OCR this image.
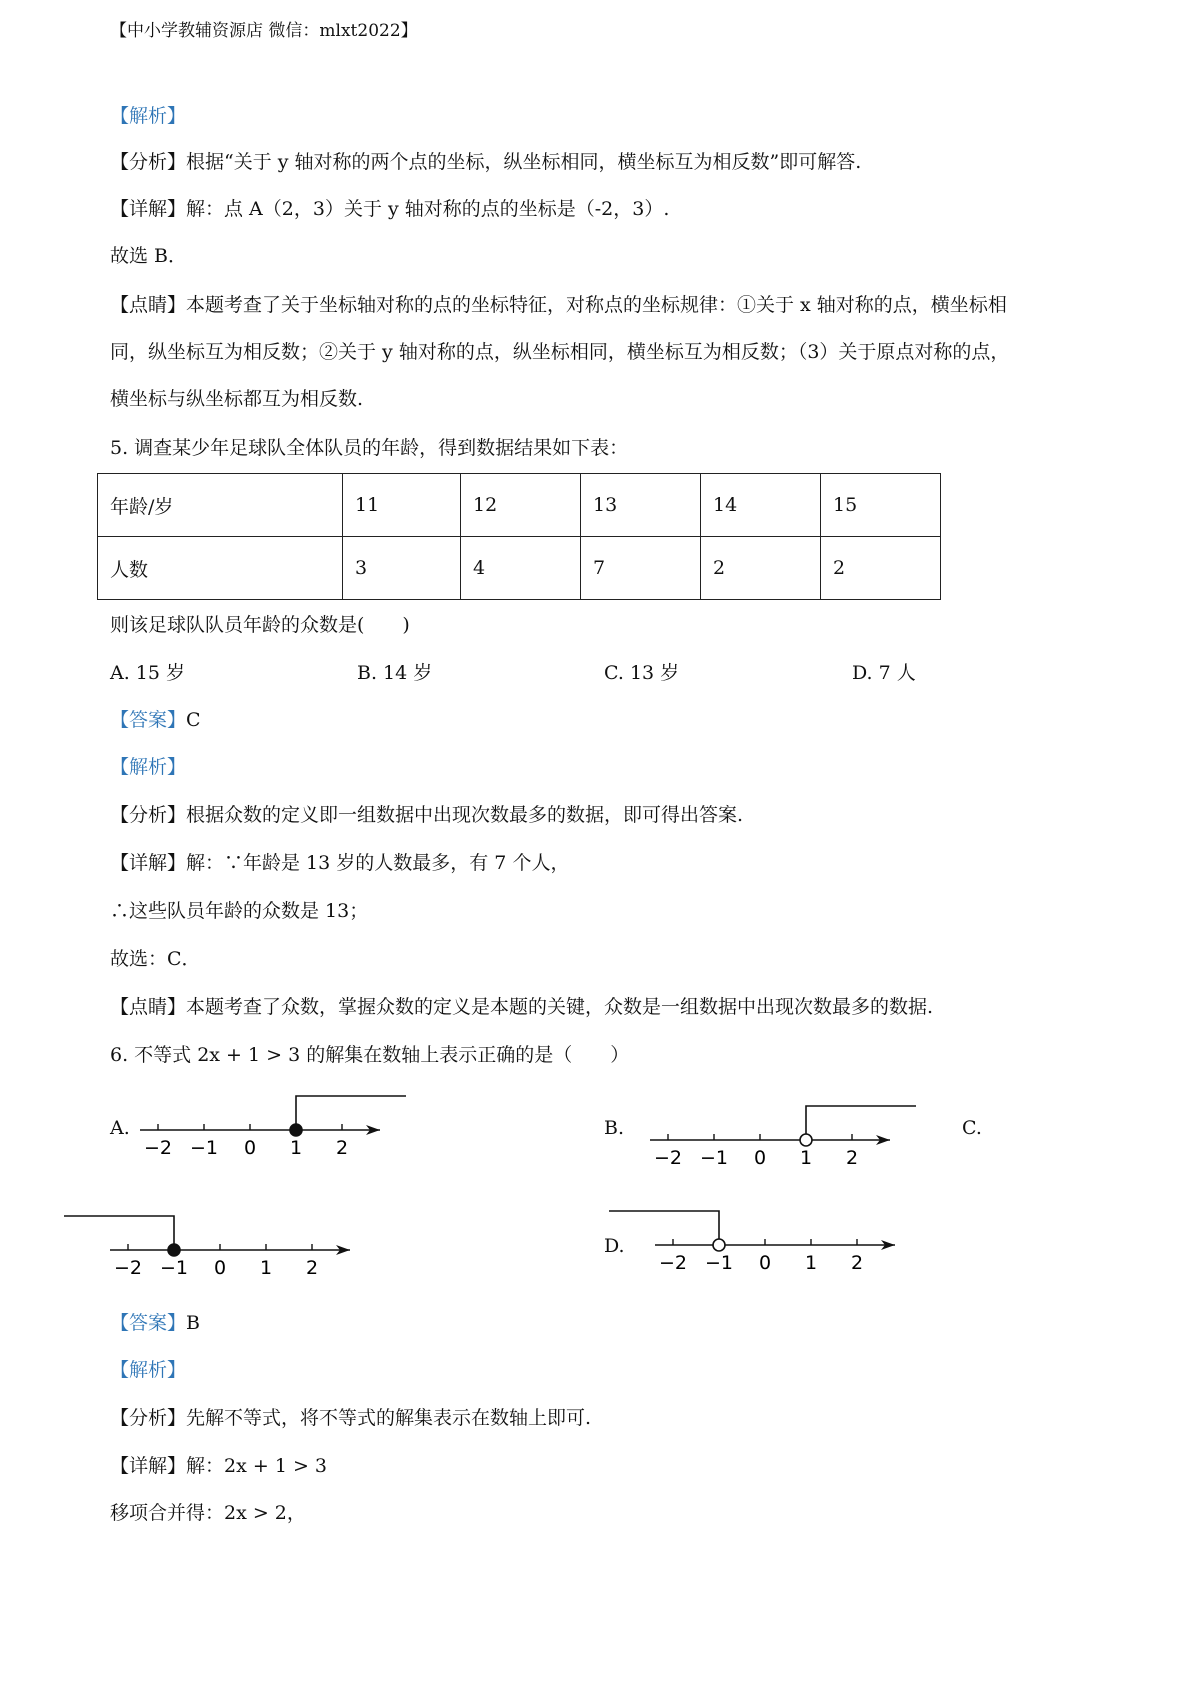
【中小学教辅资源店 微信：mlxt2022】
【解析】
【分析】根据“关于 y 轴对称的两个点的坐标，纵坐标相同，横坐标互为相反数”即可解答.
【详解】解：点 A（2，3）关于 y 轴对称的点的坐标是（-2，3）.
故选 B．
【点睛】本题考查了关于坐标轴对称的点的坐标特征，对称点的坐标规律：①关于 x 轴对称的点，横坐标相
同，纵坐标互为相反数；②关于 y 轴对称的点，纵坐标相同，横坐标互为相反数；（3）关于原点对称的点，
横坐标与纵坐标都互为相反数.
5. 调查某少年足球队全体队员的年龄，得到数据结果如下表：
年龄/岁	11	12	13	14	15
人数	3	4	7	2	2
则该足球队队员年龄的众数是(　　)
A. 15 岁	B. 14 岁	C. 13 岁	D. 7 人
【答案】C
【解析】
【分析】根据众数的定义即一组数据中出现次数最多的数据，即可得出答案.
【详解】解：∵年龄是 13 岁的人数最多，有 7 个人，
∴这些队员年龄的众数是 13；
故选：C．
【点睛】本题考查了众数，掌握众数的定义是本题的关键，众数是一组数据中出现次数最多的数据.
6. 不等式 2x + 1 > 3 的解集在数轴上表示正确的是（　　）
A.
−2 −1 0 1 2
B.
−2 −1 0 1 2
C.
−2 −1 0 1 2
D.
−2 −1 0 1 2
【答案】B
【解析】
【分析】先解不等式，将不等式的解集表示在数轴上即可.
【详解】解：2x + 1 > 3
移项合并得：2x > 2，
